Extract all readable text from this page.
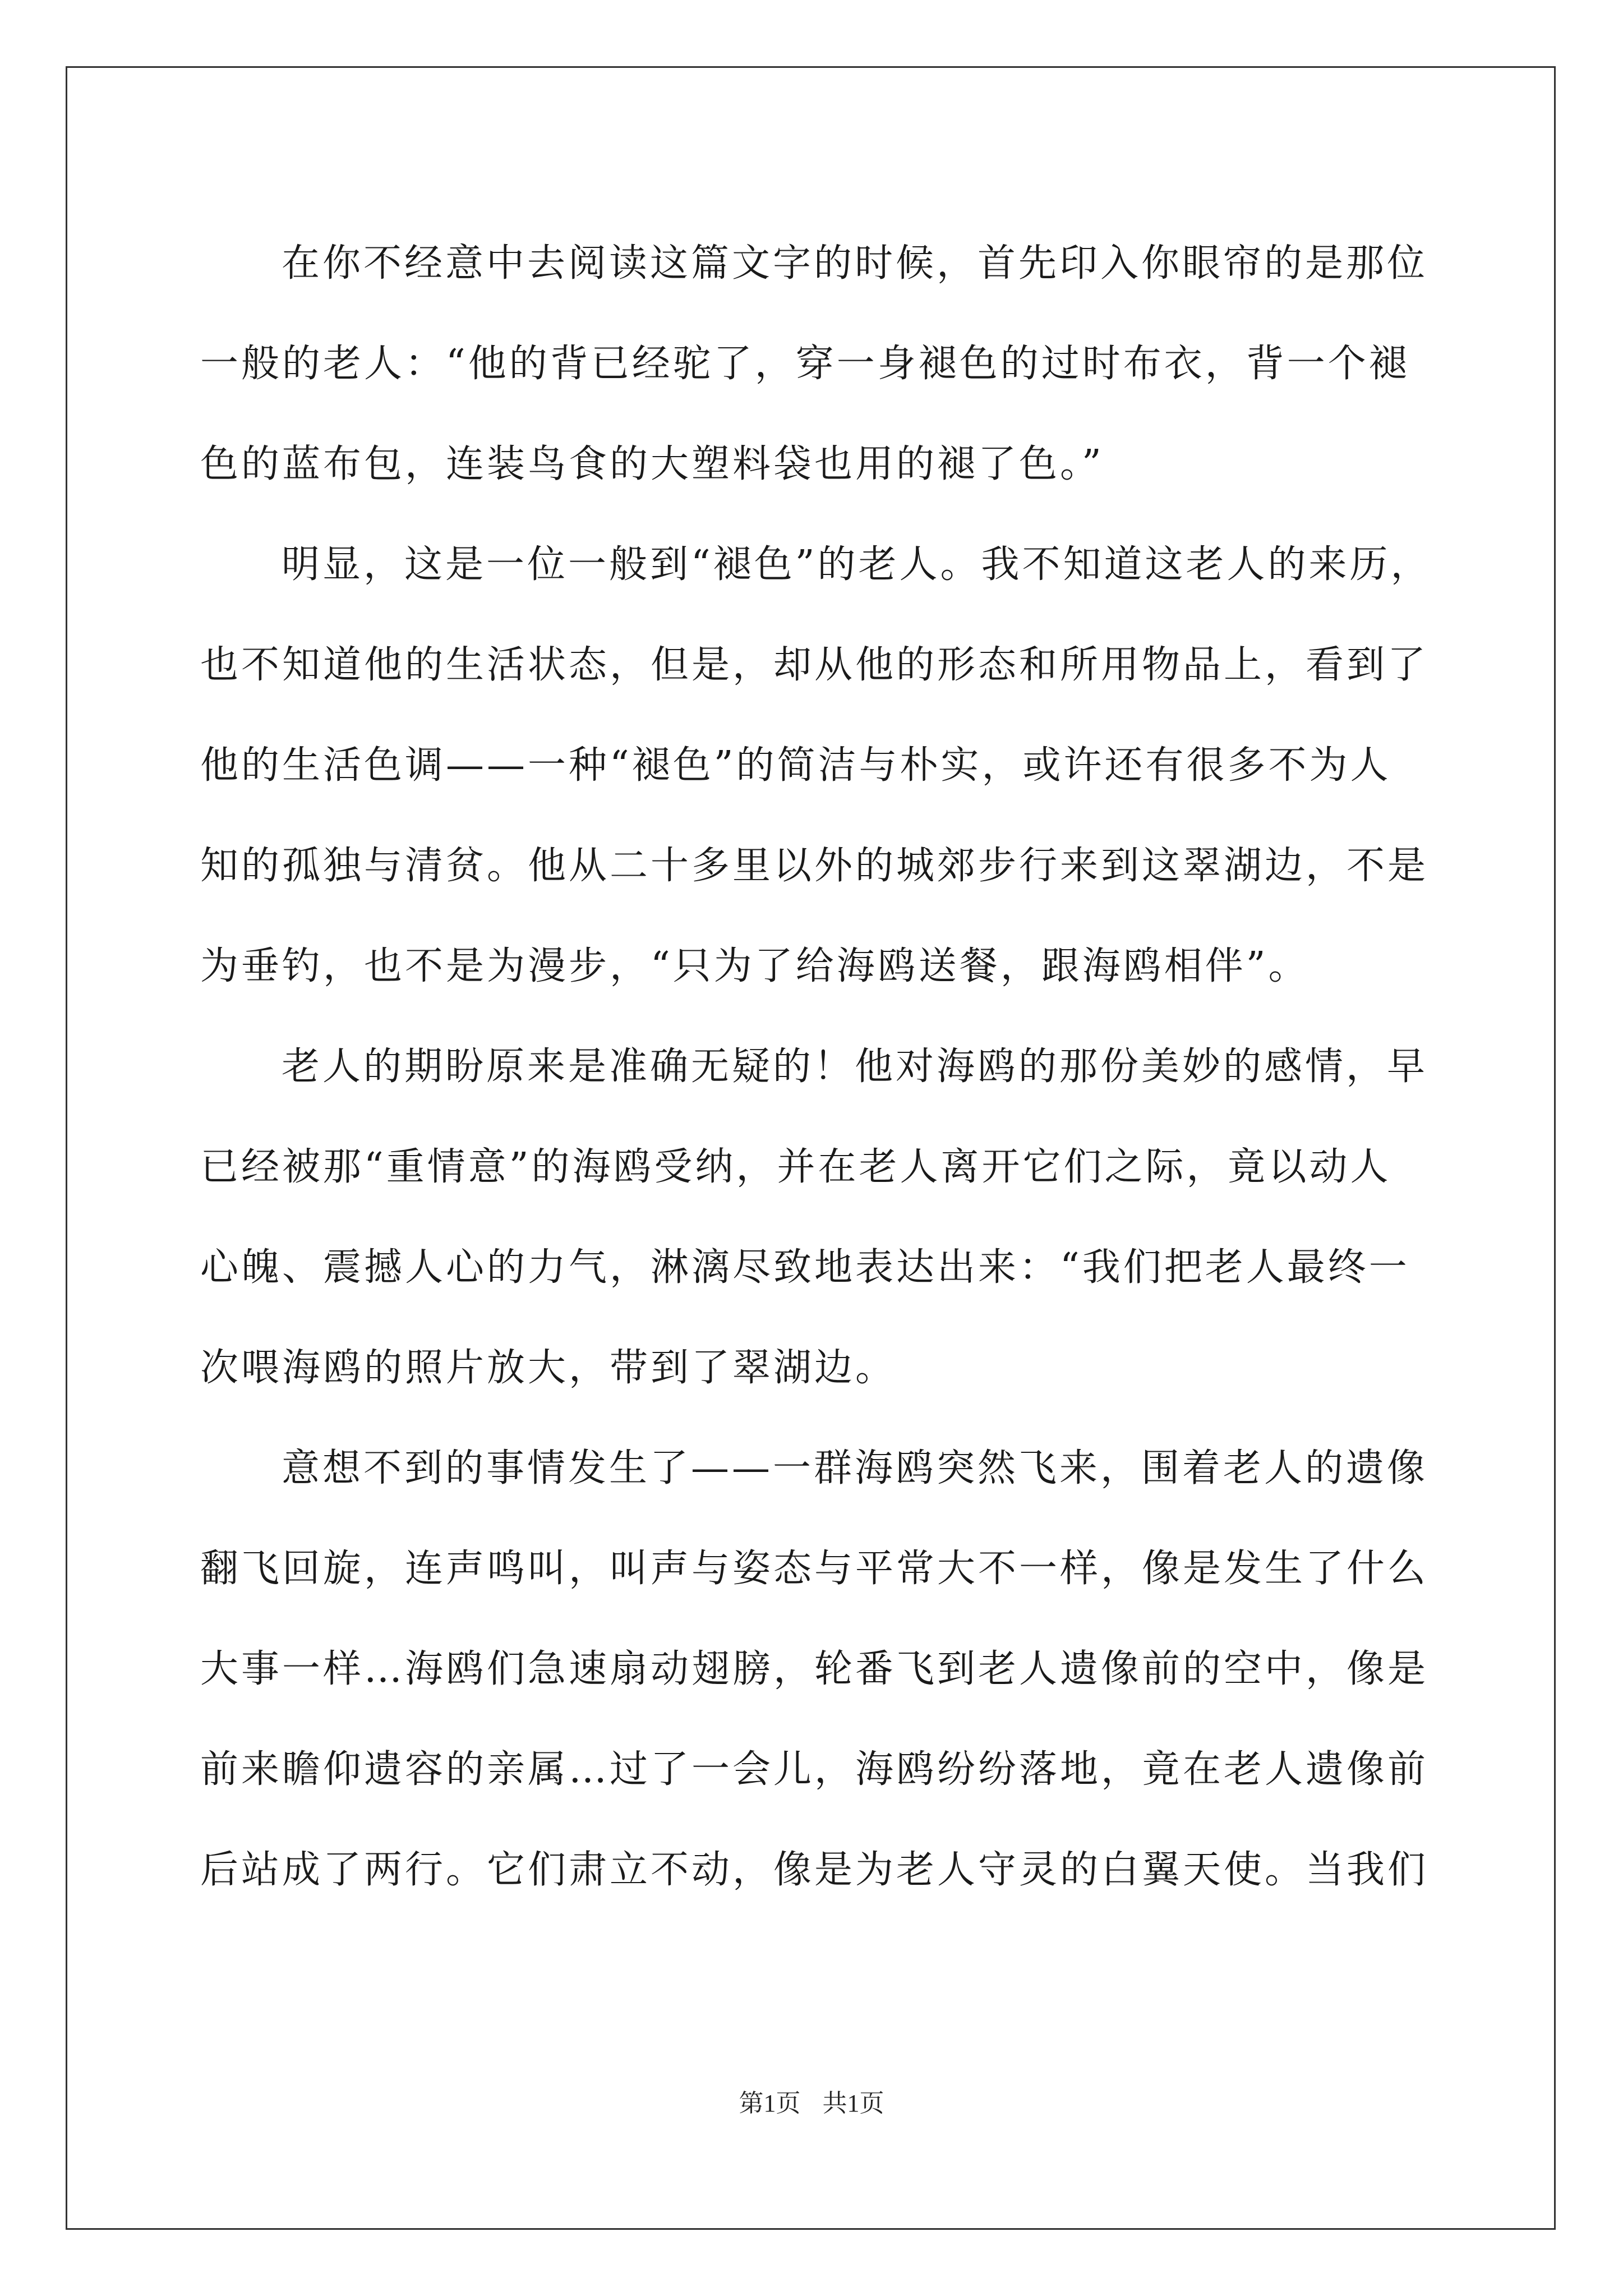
在你不经意中去阅读这篇文字的时候，首先印入你眼帘的是那位
一般的老人：“他的背已经驼了，穿一身褪色的过时布衣，背一个褪
色的蓝布包，连装鸟食的大塑料袋也用的褪了色。”

明显，这是一位一般到“褪色”的老人。我不知道这老人的来历，
也不知道他的生活状态，但是，却从他的形态和所用物品上，看到了
他的生活色调——一种“褪色”的简洁与朴实，或许还有很多不为人
知的孤独与清贫。他从二十多里以外的城郊步行来到这翠湖边，不是
为垂钓，也不是为漫步，“只为了给海鸥送餐，跟海鸥相伴”。

老人的期盼原来是准确无疑的！他对海鸥的那份美妙的感情，早
已经被那“重情意”的海鸥受纳，并在老人离开它们之际，竟以动人
心魄、震撼人心的力气，淋漓尽致地表达出来：“我们把老人最终一
次喂海鸥的照片放大，带到了翠湖边。

意想不到的事情发生了——一群海鸥突然飞来，围着老人的遗像
翻飞回旋，连声鸣叫，叫声与姿态与平常大不一样，像是发生了什么
大事一样…海鸥们急速扇动翅膀，轮番飞到老人遗像前的空中，像是
前来瞻仰遗容的亲属…过了一会儿，海鸥纷纷落地，竟在老人遗像前
后站成了两行。它们肃立不动，像是为老人守灵的白翼天使。当我们

第1页 共1页
